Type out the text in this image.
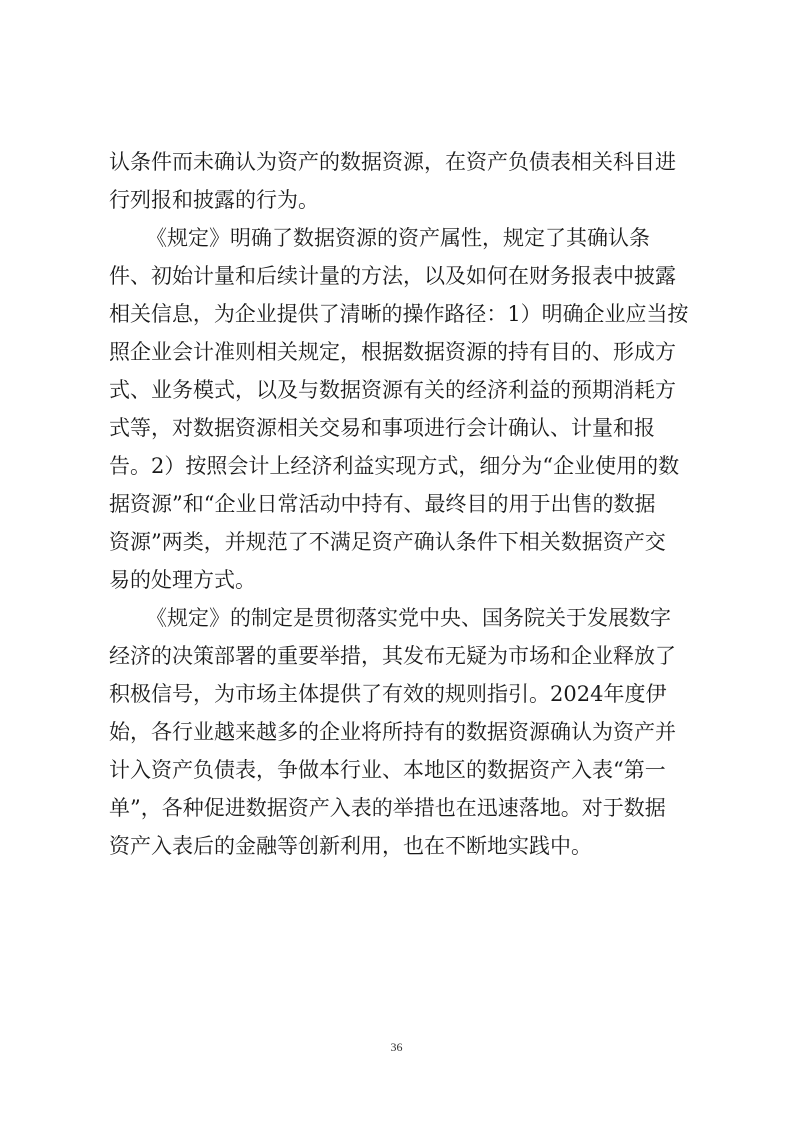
认条件而未确认为资产的数据资源，在资产负债表相关科目进
行列报和披露的行为。
《规定》明确了数据资源的资产属性，规定了其确认条
件、初始计量和后续计量的方法，以及如何在财务报表中披露
相关信息，为企业提供了清晰的操作路径：1）明确企业应当按
照企业会计准则相关规定，根据数据资源的持有目的、形成方
式、业务模式，以及与数据资源有关的经济利益的预期消耗方
式等，对数据资源相关交易和事项进行会计确认、计量和报
告。2）按照会计上经济利益实现方式，细分为“企业使用的数
据资源”和“企业日常活动中持有、最终目的用于出售的数据
资源”两类，并规范了不满足资产确认条件下相关数据资产交
易的处理方式。
《规定》的制定是贯彻落实党中央、国务院关于发展数字
经济的决策部署的重要举措，其发布无疑为市场和企业释放了
积极信号，为市场主体提供了有效的规则指引。2024年度伊
始，各行业越来越多的企业将所持有的数据资源确认为资产并
计入资产负债表，争做本行业、本地区的数据资产入表“第一
单”，各种促进数据资产入表的举措也在迅速落地。对于数据
资产入表后的金融等创新利用，也在不断地实践中。
36
